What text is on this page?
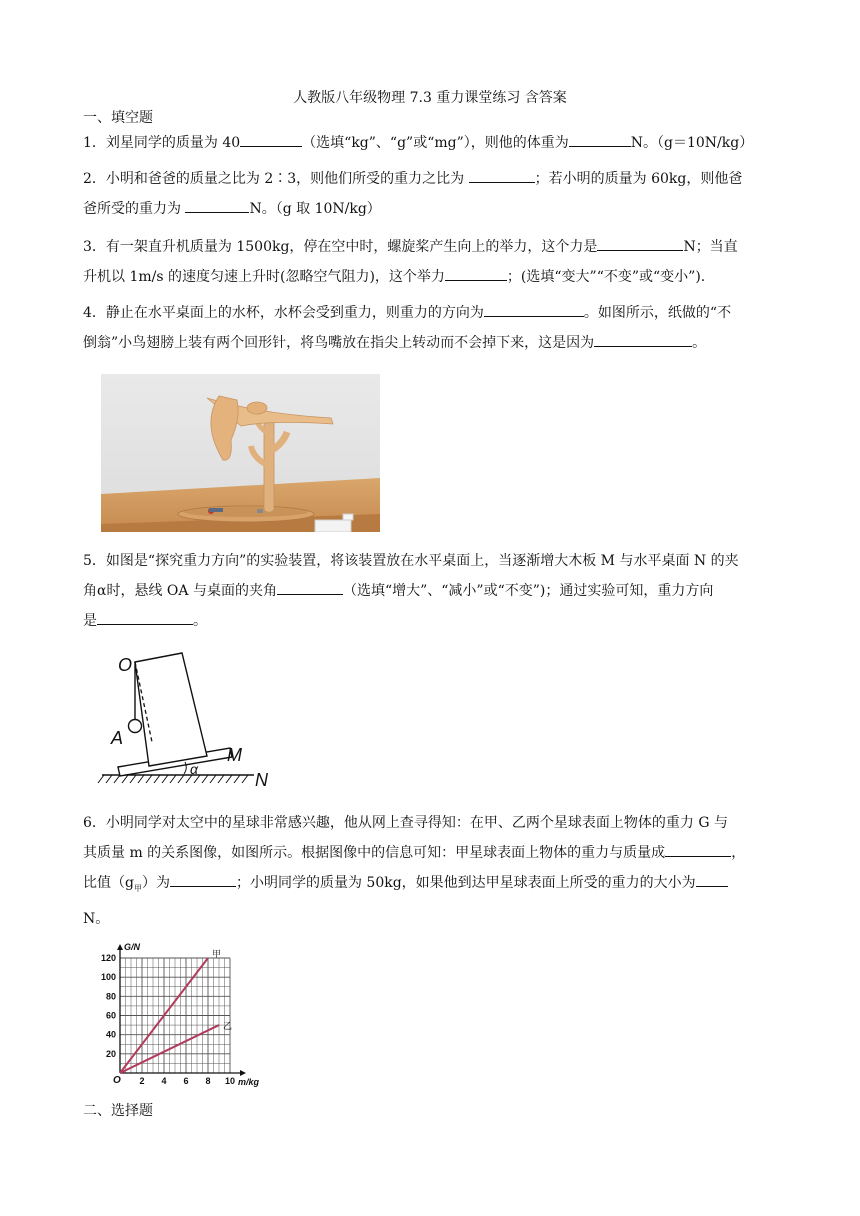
人教版八年级物理 7.3 重力课堂练习 含答案
一、填空题
1．刘星同学的质量为 40	（选填“kg”、“g”或“mg”），则他的体重为	N。（g＝10N/kg）
2．小明和爸爸的质量之比为 2∶3，则他们所受的重力之比为	；若小明的质量为 60kg，则他爸
爸所受的重力为	N。（g 取 10N/kg）
3．有一架直升机质量为 1500kg，停在空中时，螺旋桨产生向上的举力，这个力是	N；当直
升机以 1m/s 的速度匀速上升时(忽略空气阻力)，这个举力	；(选填“变大”“不变”或“变小”).
4．静止在水平桌面上的水杯，水杯会受到重力，则重力的方向为	。如图所示，纸做的“不
倒翁”小鸟翅膀上装有两个回形针，将鸟嘴放在指尖上转动而不会掉下来，这是因为	。
5．如图是“探究重力方向”的实验装置，将该装置放在水平桌面上，当逐渐增大木板 M 与水平桌面 N 的夹
角α时，悬线 OA 与桌面的夹角	（选填“增大”、“减小”或“不变”)；通过实验可知，重力方向
是	。
O
A
M
N
α
6．小明同学对太空中的星球非常感兴趣，他从网上查寻得知：在甲、乙两个星球表面上物体的重力 G 与
其质量 m 的关系图像，如图所示。根据图像中的信息可知：甲星球表面上物体的重力与质量成	，
比值$(g_甲)$为	；小明同学的质量为 50kg，如果他到达甲星球表面上所受的重力的大小为
N。
2 4 6 8 10
20
40
60
80
100
120
O	m/kg
G/N
甲
乙
二、选择题
